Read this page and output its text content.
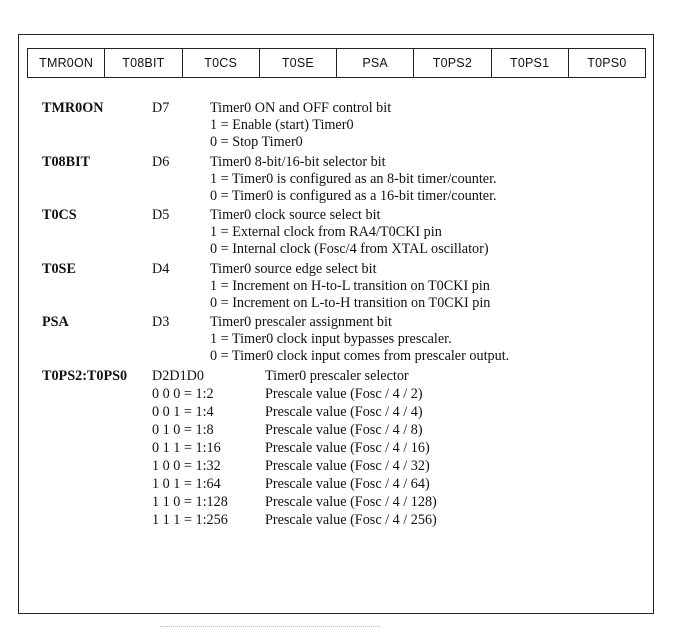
TMR0ON	T08BIT	T0CS	T0SE	PSA	T0PS2	T0PS1	T0PS0
TMR0ON	D7	Timer0 ON and OFF control bit
1 = Enable (start) Timer0
0 = Stop Timer0
T08BIT	D6	Timer0 8-bit/16-bit selector bit
1 = Timer0 is configured as an 8-bit timer/counter.
0 = Timer0 is configured as a 16-bit timer/counter.
T0CS	D5	Timer0 clock source select bit
1 = External clock from RA4/T0CKI pin
0 = Internal clock (Fosc/4 from XTAL oscillator)
T0SE	D4	Timer0 source edge select bit
1 = Increment on H-to-L transition on T0CKI pin
0 = Increment on L-to-H transition on T0CKI pin
PSA	D3	Timer0 prescaler assignment bit
1 = Timer0 clock input bypasses prescaler.
0 = Timer0 clock input comes from prescaler output.
T0PS2:T0PS0 D2D1D0	Timer0 prescaler selector
0 0 0 = 1:2	Prescale value (Fosc / 4 / 2)
0 0 1 = 1:4	Prescale value (Fosc / 4 / 4)
0 1 0 = 1:8	Prescale value (Fosc / 4 / 8)
0 1 1 = 1:16	Prescale value (Fosc / 4 / 16)
1 0 0 = 1:32	Prescale value (Fosc / 4 / 32)
1 0 1 = 1:64	Prescale value (Fosc / 4 / 64)
1 1 0 = 1:128	Prescale value (Fosc / 4 / 128)
1 1 1 = 1:256	Prescale value (Fosc / 4 / 256)
